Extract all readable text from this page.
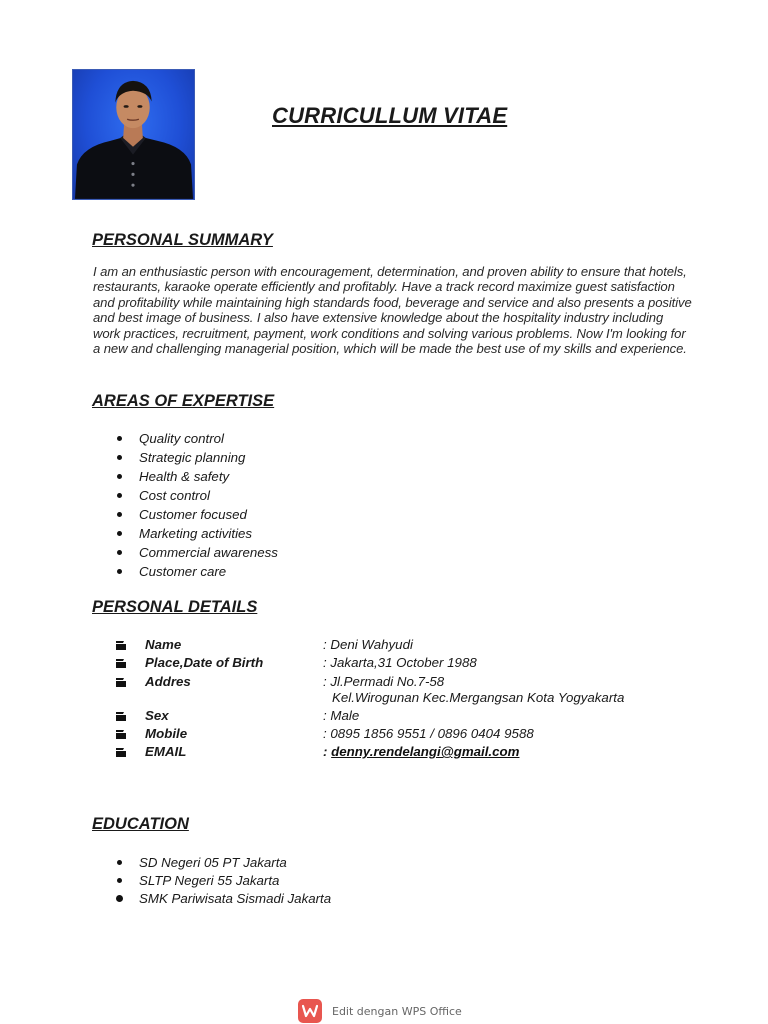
CURRICULLUM VITAE
PERSONAL SUMMARY

I am an enthusiastic person with encouragement, determination, and proven ability to ensure that hotels, restaurants, karaoke operate efficiently and profitably. Have a track record maximize guest satisfaction and profitability while maintaining high standards food, beverage and service and also presents a positive and best image of business. I also have extensive knowledge about the hospitality industry including work practices, recruitment, payment, work conditions and solving various problems. Now I'm looking for a new and challenging managerial position, which will be made the best use of my skills and experience.

AREAS OF EXPERTISE
Quality control
Strategic planning
Health & safety
Cost control
Customer focused
Marketing activities
Commercial awareness
Customer care
PERSONAL DETAILS
Name	: Deni Wahyudi
Place,Date of Birth	: Jakarta,31 October 1988
Addres	: Jl.Permadi No.7-58
Kel.Wirogunan Kec.Mergangsan Kota Yogyakarta
Sex	: Male
Mobile	: 0895 1856 9551 / 0896 0404 9588
EMAIL	: denny.rendelangi@gmail.com
EDUCATION
SD Negeri 05 PT Jakarta
SLTP Negeri 55 Jakarta
SMK Pariwisata Sismadi Jakarta
Edit dengan WPS Office
